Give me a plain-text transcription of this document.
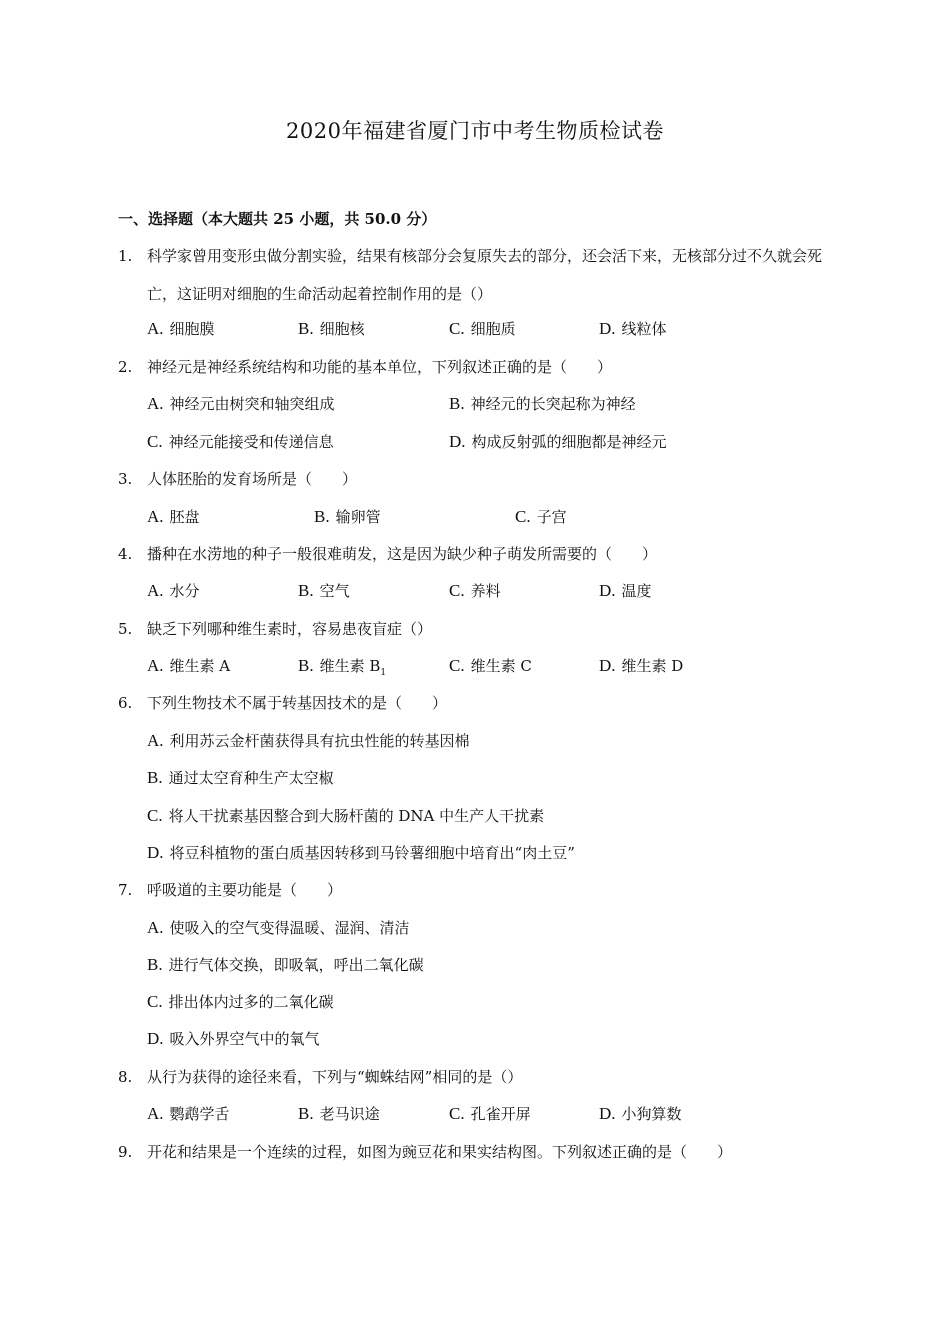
2020年福建省厦门市中考生物质检试卷
一、选择题（本大题共 25 小题，共 50.0 分）
1. 科学家曾用变形虫做分割实验，结果有核部分会复原失去的部分，还会活下来，无核部分过不久就会死亡，这证明对细胞的生命活动起着控制作用的是（）
A. 细胞膜	B. 细胞核	C. 细胞质	D. 线粒体
2. 神经元是神经系统结构和功能的基本单位，下列叙述正确的是（　　）
A. 神经元由树突和轴突组成	B. 神经元的长突起称为神经
C. 神经元能接受和传递信息	D. 构成反射弧的细胞都是神经元
3. 人体胚胎的发育场所是（　　）
A. 胚盘	B. 输卵管	C. 子宫
4. 播种在水涝地的种子一般很难萌发，这是因为缺少种子萌发所需要的（　　）
A. 水分	B. 空气	C. 养料	D. 温度
5. 缺乏下列哪种维生素时，容易患夜盲症（）
A. 维生素 A	B. 维生素 $B_1$	C. 维生素 C	D. 维生素 D
6. 下列生物技术不属于转基因技术的是（　　）
A. 利用苏云金杆菌获得具有抗虫性能的转基因棉
B. 通过太空育种生产太空椒
C. 将人干扰素基因整合到大肠杆菌的 DNA 中生产人干扰素
D. 将豆科植物的蛋白质基因转移到马铃薯细胞中培育出“肉土豆”
7. 呼吸道的主要功能是（　　）
A. 使吸入的空气变得温暖、湿润、清洁
B. 进行气体交换，即吸氧，呼出二氧化碳
C. 排出体内过多的二氧化碳
D. 吸入外界空气中的氧气
8. 从行为获得的途径来看，下列与“蜘蛛结网”相同的是（）
A. 鹦鹉学舌	B. 老马识途	C. 孔雀开屏	D. 小狗算数
9. 开花和结果是一个连续的过程，如图为豌豆花和果实结构图。下列叙述正确的是（　　）
